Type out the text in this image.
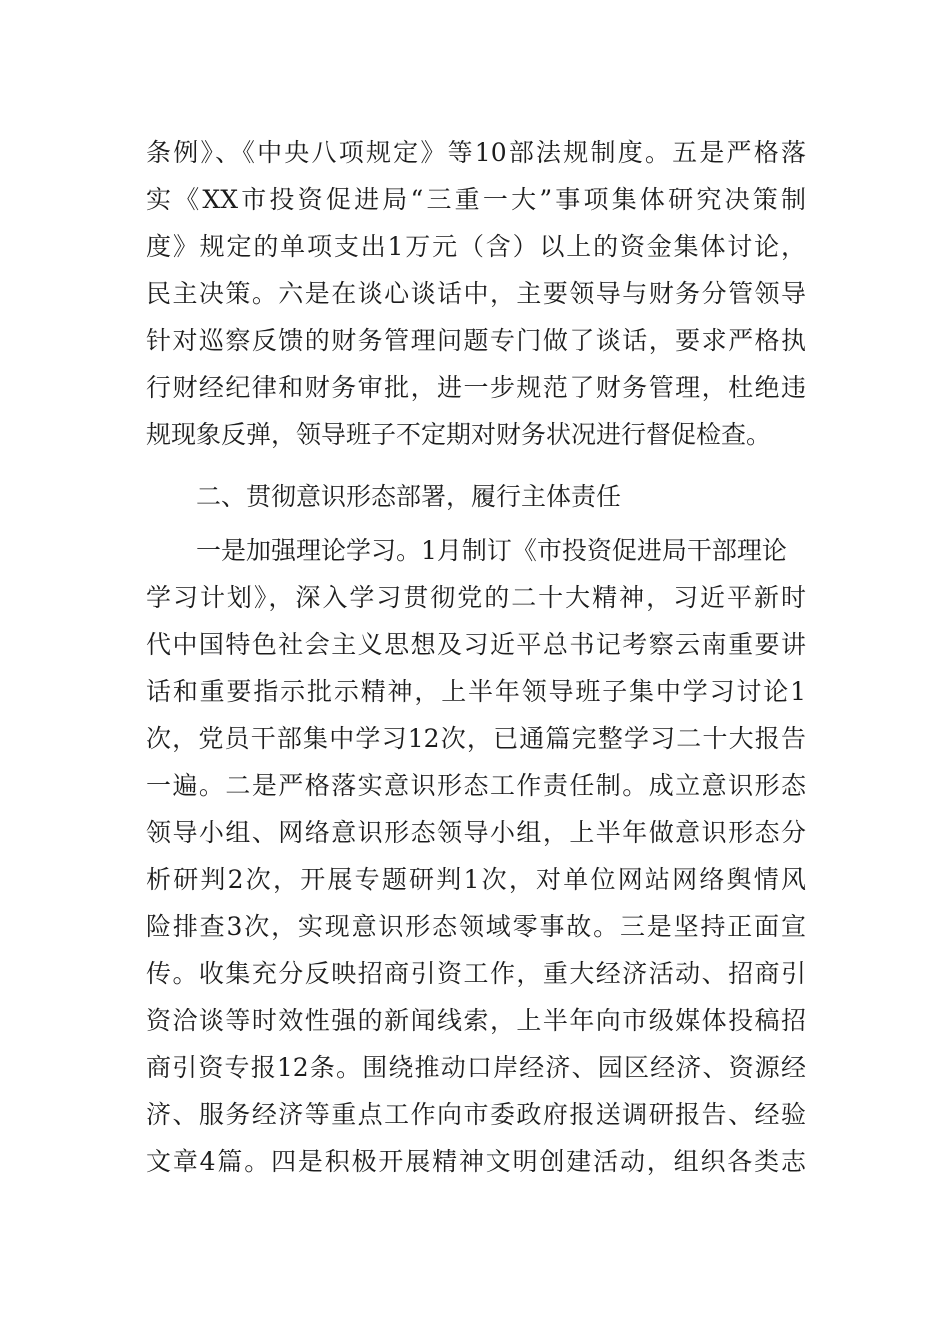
条例》、《中央八项规定》等10部法规制度。五是严格落
实《XX市投资促进局“三重一大”事项集体研究决策制
度》规定的单项支出1万元（含）以上的资金集体讨论，
民主决策。六是在谈心谈话中，主要领导与财务分管领导
针对巡察反馈的财务管理问题专门做了谈话，要求严格执
行财经纪律和财务审批，进一步规范了财务管理，杜绝违
规现象反弹，领导班子不定期对财务状况进行督促检查。
二、贯彻意识形态部署，履行主体责任
一是加强理论学习。1月制订《市投资促进局干部理论
学习计划》，深入学习贯彻党的二十大精神，习近平新时
代中国特色社会主义思想及习近平总书记考察云南重要讲
话和重要指示批示精神，上半年领导班子集中学习讨论1
次，党员干部集中学习12次，已通篇完整学习二十大报告
一遍。二是严格落实意识形态工作责任制。成立意识形态
领导小组、网络意识形态领导小组，上半年做意识形态分
析研判2次，开展专题研判1次，对单位网站网络舆情风
险排查3次，实现意识形态领域零事故。三是坚持正面宣
传。收集充分反映招商引资工作，重大经济活动、招商引
资洽谈等时效性强的新闻线索，上半年向市级媒体投稿招
商引资专报12条。围绕推动口岸经济、园区经济、资源经
济、服务经济等重点工作向市委政府报送调研报告、经验
文章4篇。四是积极开展精神文明创建活动，组织各类志
